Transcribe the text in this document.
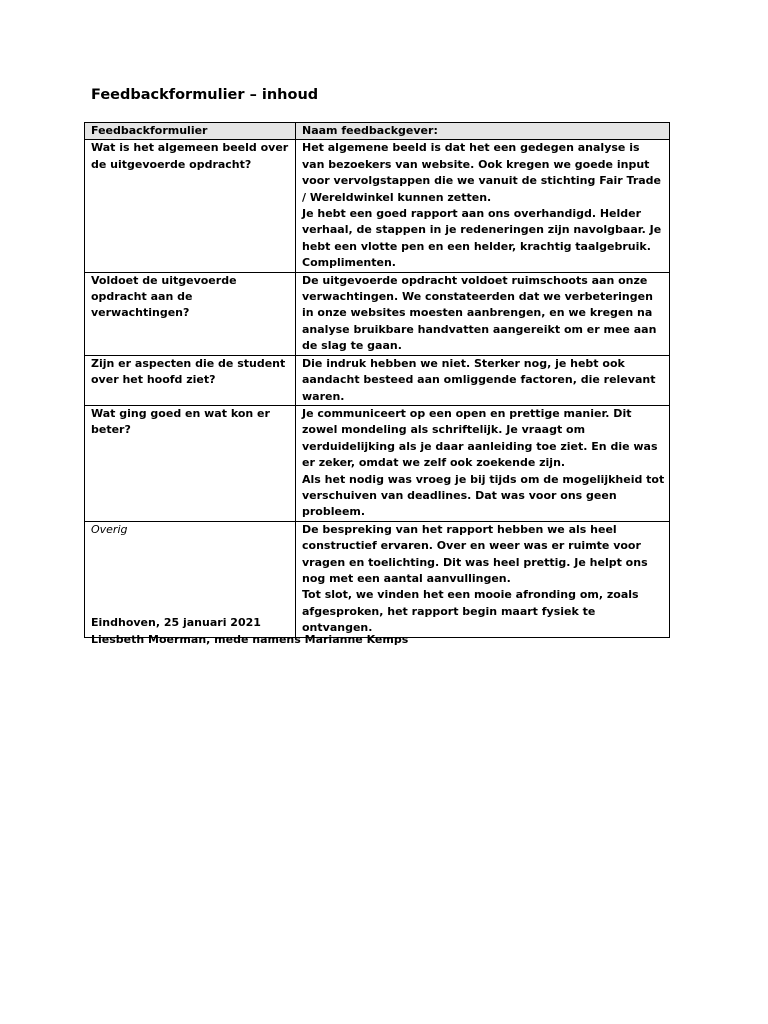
Feedbackformulier – inhoud
Feedbackformulier	Naam feedbackgever:
Wat is het algemeen beeld over de uitgevoerde opdracht?	Het algemene beeld is dat het een gedegen analyse is van bezoekers van website. Ook kregen we goede input voor vervolgstappen die we vanuit de stichting Fair Trade / Wereldwinkel kunnen zetten.
Je hebt een goed rapport aan ons overhandigd. Helder verhaal, de stappen in je redeneringen zijn navolgbaar. Je hebt een vlotte pen en een helder, krachtig taalgebruik. Complimenten.

Voldoet de uitgevoerde opdracht aan de verwachtingen?	De uitgevoerde opdracht voldoet ruimschoots aan onze verwachtingen. We constateerden dat we verbeteringen in onze websites moesten aanbrengen, en we kregen na analyse bruikbare handvatten aangereikt om er mee aan de slag te gaan.

Zijn er aspecten die de student over het hoofd ziet?	Die indruk hebben we niet. Sterker nog, je hebt ook aandacht besteed aan omliggende factoren, die relevant waren.

Wat ging goed en wat kon er beter?	Je communiceert op een open en prettige manier. Dit zowel mondeling als schriftelijk. Je vraagt om verduidelijking als je daar aanleiding toe ziet. En die was er zeker, omdat we zelf ook zoekende zijn.
Als het nodig was vroeg je bij tijds om de mogelijkheid tot verschuiven van deadlines. Dat was voor ons geen probleem.

Overig	De bespreking van het rapport hebben we als heel constructief ervaren. Over en weer was er ruimte voor vragen en toelichting. Dit was heel prettig. Je helpt ons nog met een aantal aanvullingen.
Tot slot, we vinden het een mooie afronding om, zoals afgesproken, het rapport begin maart fysiek te ontvangen.
Eindhoven, 25 januari 2021
Liesbeth Moerman, mede namens Marianne Kemps
